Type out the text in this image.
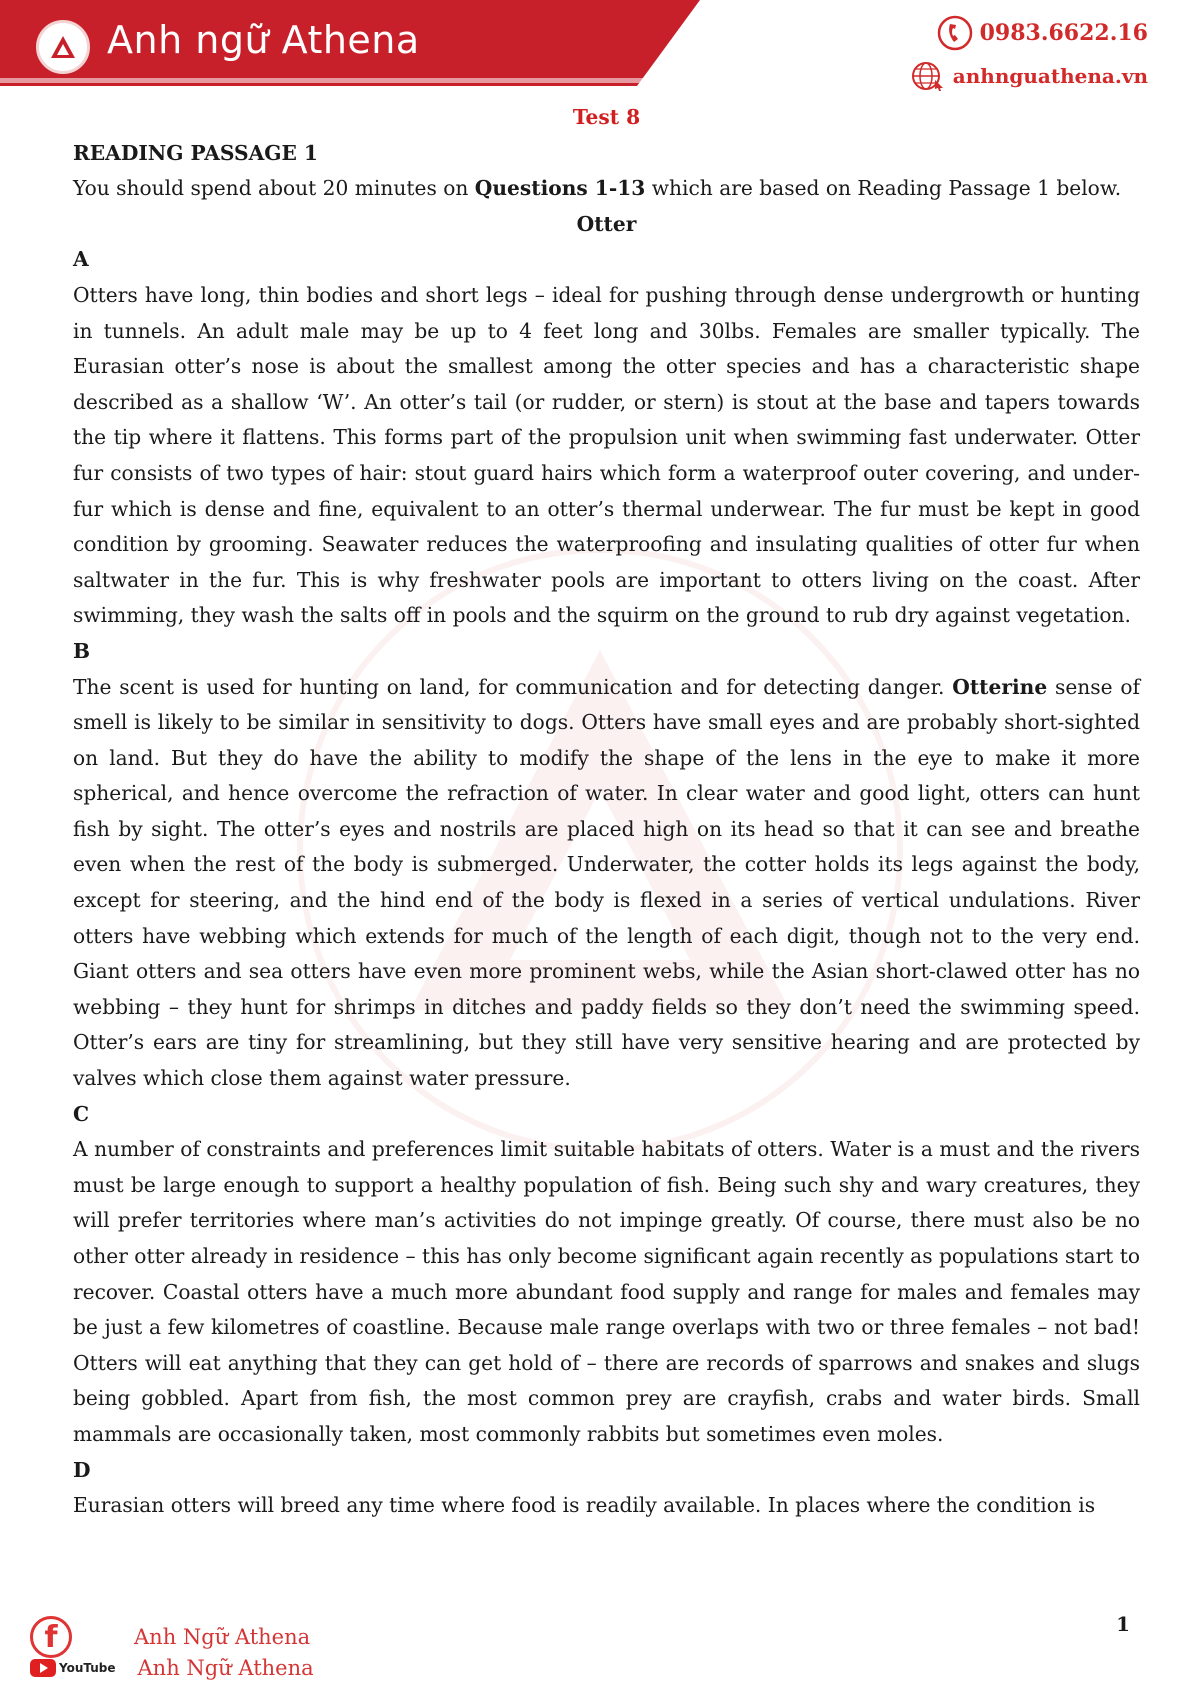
Anh ngữ Athena	0983.6622.16
anhnguathena.vn

Test 8

READING PASSAGE 1

You should spend about 20 minutes on Questions 1-13 which are based on Reading Passage 1 below.

Otter

A

Otters have long, thin bodies and short legs – ideal for pushing through dense undergrowth or hunting in tunnels. An adult male may be up to 4 feet long and 30lbs. Females are smaller typically. The Eurasian otter’s nose is about the smallest among the otter species and has a characteristic shape described as a shallow ‘W’. An otter’s tail (or rudder, or stern) is stout at the base and tapers towards the tip where it flattens. This forms part of the propulsion unit when swimming fast underwater. Otter fur consists of two types of hair: stout guard hairs which form a waterproof outer covering, and under-fur which is dense and fine, equivalent to an otter’s thermal underwear. The fur must be kept in good condition by grooming. Seawater reduces the waterproofing and insulating qualities of otter fur when saltwater in the fur. This is why freshwater pools are important to otters living on the coast. After swimming, they wash the salts off in pools and the squirm on the ground to rub dry against vegetation.

B

The scent is used for hunting on land, for communication and for detecting danger. Otterine sense of smell is likely to be similar in sensitivity to dogs. Otters have small eyes and are probably short-sighted on land. But they do have the ability to modify the shape of the lens in the eye to make it more spherical, and hence overcome the refraction of water. In clear water and good light, otters can hunt fish by sight. The otter’s eyes and nostrils are placed high on its head so that it can see and breathe even when the rest of the body is submerged. Underwater, the cotter holds its legs against the body, except for steering, and the hind end of the body is flexed in a series of vertical undulations. River otters have webbing which extends for much of the length of each digit, though not to the very end. Giant otters and sea otters have even more prominent webs, while the Asian short-clawed otter has no webbing – they hunt for shrimps in ditches and paddy fields so they don’t need the swimming speed. Otter’s ears are tiny for streamlining, but they still have very sensitive hearing and are protected by valves which close them against water pressure.

C

A number of constraints and preferences limit suitable habitats of otters. Water is a must and the rivers must be large enough to support a healthy population of fish. Being such shy and wary creatures, they will prefer territories where man’s activities do not impinge greatly. Of course, there must also be no other otter already in residence – this has only become significant again recently as populations start to recover. Coastal otters have a much more abundant food supply and range for males and females may be just a few kilometres of coastline. Because male range overlaps with two or three females – not bad! Otters will eat anything that they can get hold of – there are records of sparrows and snakes and slugs being gobbled. Apart from fish, the most common prey are crayfish, crabs and water birds. Small mammals are occasionally taken, most commonly rabbits but sometimes even moles.

D

Eurasian otters will breed any time where food is readily available. In places where the condition is

1
f	Anh Ngữ Athena
YouTube Anh Ngữ Athena
